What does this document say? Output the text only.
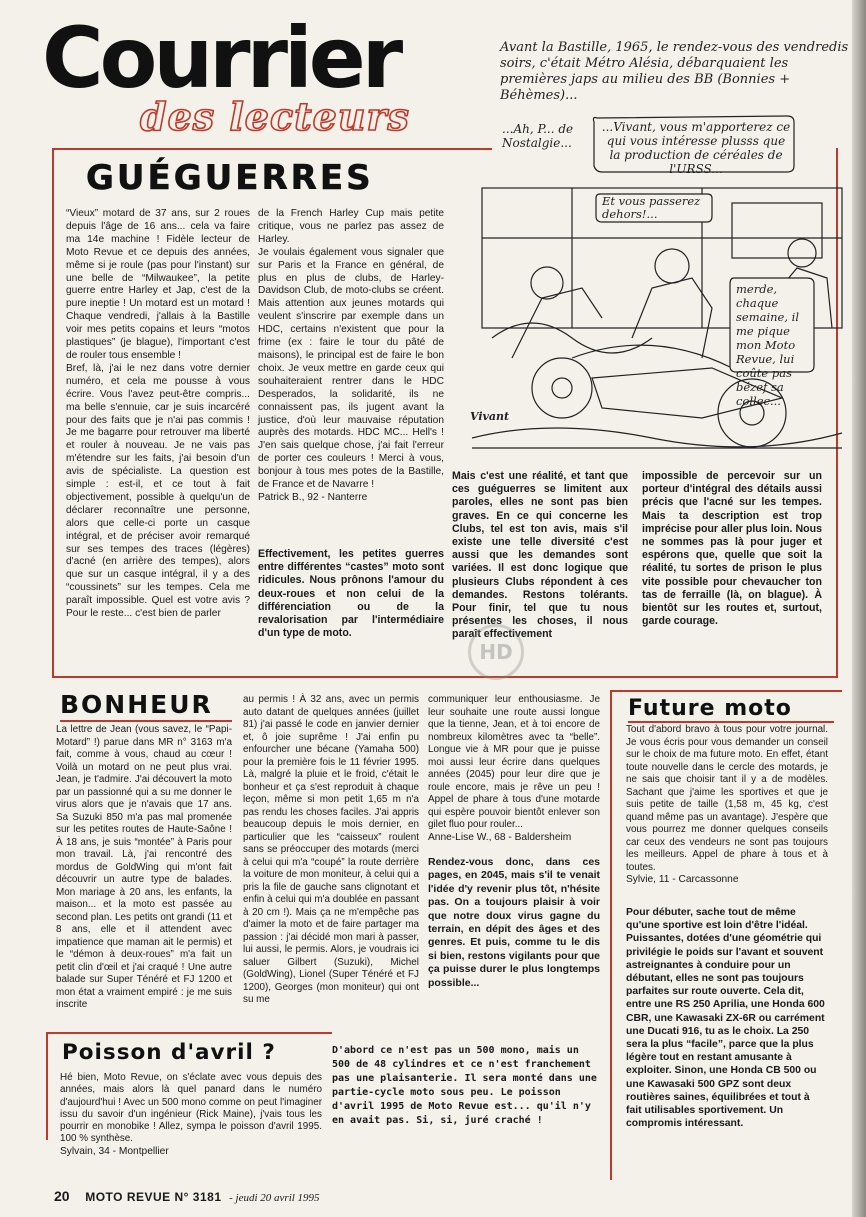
Courrier
des lecteurs
GUÉGUERRES
Avant la Bastille, 1965, le rendez-vous des vendredis soirs, c'était Métro Alésia, débarquaient les premières japs au milieu des BB (Bonnies + Béhèmes)...
...Ah, P... de Nostalgie...
...Vivant, vous m'apporterez ce qui vous intéresse plusss que la production de céréales de l'URSS...
Et vous passerez dehors!...
merde, chaque semaine, il me pique mon Moto Revue, lui coûte pas bézef sa collec...
Vivant

“Vieux” motard de 37 ans, sur 2 roues depuis l'âge de 16 ans... cela va faire ma 14e machine ! Fidèle lecteur de Moto Revue et ce depuis des années, même si je roule (pas pour l'instant) sur une belle de “Milwaukee”, la petite guerre entre Harley et Jap, c'est de la pure ineptie ! Un motard est un motard ! Chaque vendredi, j'allais à la Bastille voir mes petits copains et leurs “motos plastiques” (je blague), l'important c'est de rouler tous ensemble !

Bref, là, j'ai le nez dans votre dernier numéro, et cela me pousse à vous écrire. Vous l'avez peut-être compris... ma belle s'ennuie, car je suis incarcéré pour des faits que je n'ai pas commis ! Je me bagarre pour retrouver ma liberté et rouler à nouveau. Je ne vais pas m'étendre sur les faits, j'ai besoin d'un avis de spécialiste. La question est simple : est-il, et ce tout à fait objectivement, possible à quelqu'un de déclarer reconnaître une personne, alors que celle-ci porte un casque intégral, et de préciser avoir remarqué sur ses tempes des traces (légères) d'acné (en arrière des tempes), alors que sur un casque intégral, il y a des “coussinets” sur les tempes. Cela me paraît impossible. Quel est votre avis ? Pour le reste... c'est bien de parler

de la French Harley Cup mais petite critique, vous ne parlez pas assez de Harley.

Je voulais également vous signaler que sur Paris et la France en général, de plus en plus de clubs, de Harley-Davidson Club, de moto-clubs se créent. Mais attention aux jeunes motards qui veulent s'inscrire par exemple dans un HDC, certains n'existent que pour la frime (ex : faire le tour du pâté de maisons), le principal est de faire le bon choix. Je veux mettre en garde ceux qui souhaiteraient rentrer dans le HDC Desperados, la solidarité, ils ne connaissent pas, ils jugent avant la justice, d'où leur mauvaise réputation auprès des motards. HDC MC... Hell's ! J'en sais quelque chose, j'ai fait l'erreur de porter ces couleurs ! Merci à vous, bonjour à tous mes potes de la Bastille, de France et de Navarre !

Patrick B., 92 - Nanterre

Effectivement, les petites guerres entre différentes “castes” moto sont ridicules. Nous prônons l'amour du deux-roues et non celui de la différenciation ou de la revalorisation par l'intermédiaire d'un type de moto.
Mais c'est une réalité, et tant que ces guéguerres se limitent aux paroles, elles ne sont pas bien graves. En ce qui concerne les Clubs, tel est ton avis, mais s'il existe une telle diversité c'est aussi que les demandes sont variées. Il est donc logique que plusieurs Clubs répondent à ces demandes. Restons tolérants. Pour finir, tel que tu nous présentes les choses, il nous paraît effectivement
impossible de percevoir sur un porteur d'intégral des détails aussi précis que l'acné sur les tempes. Mais ta description est trop imprécise pour aller plus loin. Nous ne sommes pas là pour juger et espérons que, quelle que soit la réalité, tu sortes de prison le plus vite possible pour chevaucher ton tas de ferraille (là, on blague). À bientôt sur les routes et, surtout, garde courage.
HD
BONHEUR
La lettre de Jean (vous savez, le “Papi-Motard” !) parue dans MR n° 3163 m'a fait, comme à vous, chaud au cœur ! Voilà un motard on ne peut plus vrai. Jean, je t'admire. J'ai découvert la moto par un passionné qui a su me donner le virus alors que je n'avais que 17 ans. Sa Suzuki 850 m'a pas mal promenée sur les petites routes de Haute-Saône ! À 18 ans, je suis “montée” à Paris pour mon travail. Là, j'ai rencontré des mordus de GoldWing qui m'ont fait découvrir un autre type de balades. Mon mariage à 20 ans, les enfants, la maison... et la moto est passée au second plan. Les petits ont grandi (11 et 8 ans, elle et il attendent avec impatience que maman ait le permis) et le “démon à deux-roues” m'a fait un petit clin d'œil et j'ai craqué ! Une autre balade sur Super Ténéré et FJ 1200 et mon état a vraiment empiré : je me suis inscrite
au permis ! À 32 ans, avec un permis auto datant de quelques années (juillet 81) j'ai passé le code en janvier dernier et, ô joie suprême ! J'ai enfin pu enfourcher une bécane (Yamaha 500) pour la première fois le 11 février 1995. Là, malgré la pluie et le froid, c'était le bonheur et ça s'est reproduit à chaque leçon, même si mon petit 1,65 m n'a pas rendu les choses faciles. J'ai appris beaucoup depuis le mois dernier, en particulier que les “caisseux” roulent sans se préoccuper des motards (merci à celui qui m'a “coupé” la route derrière la voiture de mon moniteur, à celui qui a pris la file de gauche sans clignotant et enfin à celui qui m'a doublée en passant à 20 cm !). Mais ça ne m'empêche pas d'aimer la moto et de faire partager ma passion : j'ai décidé mon mari à passer, lui aussi, le permis. Alors, je voudrais ici saluer Gilbert (Suzuki), Michel (GoldWing), Lionel (Super Ténéré et FJ 1200), Georges (mon moniteur) qui ont su me

communiquer leur enthousiasme. Je leur souhaite une route aussi longue que la tienne, Jean, et à toi encore de nombreux kilomètres avec ta “belle”. Longue vie à MR pour que je puisse moi aussi leur écrire dans quelques années (2045) pour leur dire que je roule encore, mais je rêve un peu ! Appel de phare à tous d'une motarde qui espère pouvoir bientôt enlever son gilet fluo pour rouler...

Anne-Lise W., 68 - Baldersheim

Rendez-vous donc, dans ces pages, en 2045, mais s'il te venait l'idée d'y revenir plus tôt, n'hésite pas. On a toujours plaisir à voir que notre doux virus gagne du terrain, en dépit des âges et des genres. Et puis, comme tu le dis si bien, restons vigilants pour que ça puisse durer le plus longtemps possible...
Future moto

Tout d'abord bravo à tous pour votre journal. Je vous écris pour vous demander un conseil sur le choix de ma future moto. En effet, étant toute nouvelle dans le cercle des motards, je ne sais que choisir tant il y a de modèles. Sachant que j'aime les sportives et que je suis petite de taille (1,58 m, 45 kg, c'est quand même pas un avantage). J'espère que vous pourrez me donner quelques conseils car ceux des vendeurs ne sont pas toujours les meilleurs. Appel de phare à tous et à toutes.

Sylvie, 11 - Carcassonne

Pour débuter, sache tout de même qu'une sportive est loin d'être l'idéal. Puissantes, dotées d'une géométrie qui privilégie le poids sur l'avant et souvent astreignantes à conduire pour un débutant, elles ne sont pas toujours parfaites sur route ouverte. Cela dit, entre une RS 250 Aprilia, une Honda 600 CBR, une Kawasaki ZX-6R ou carrément une Ducati 916, tu as le choix. La 250 sera la plus “facile”, parce que la plus légère tout en restant amusante à exploiter. Sinon, une Honda CB 500 ou une Kawasaki 500 GPZ sont deux routières saines, équilibrées et tout à fait utilisables sportivement. Un compromis intéressant.
Poisson d'avril ?

Hé bien, Moto Revue, on s'éclate avec vous depuis des années, mais alors là quel panard dans le numéro d'aujourd'hui ! Avec un 500 mono comme on peut l'imaginer issu du savoir d'un ingénieur (Rick Maine), j'vais tous les pourrir en monobike ! Allez, sympa le poisson d'avril 1995. 100 % synthèse.

Sylvain, 34 - Montpellier

D'abord ce n'est pas un 500 mono, mais un 500 de 48 cylindres et ce n'est franchement pas une plaisanterie. Il sera monté dans une partie-cycle moto sous peu. Le poisson d'avril 1995 de Moto Revue est... qu'il n'y en avait pas. Si, si, juré craché !
20 MOTO REVUE N° 3181 - jeudi 20 avril 1995
